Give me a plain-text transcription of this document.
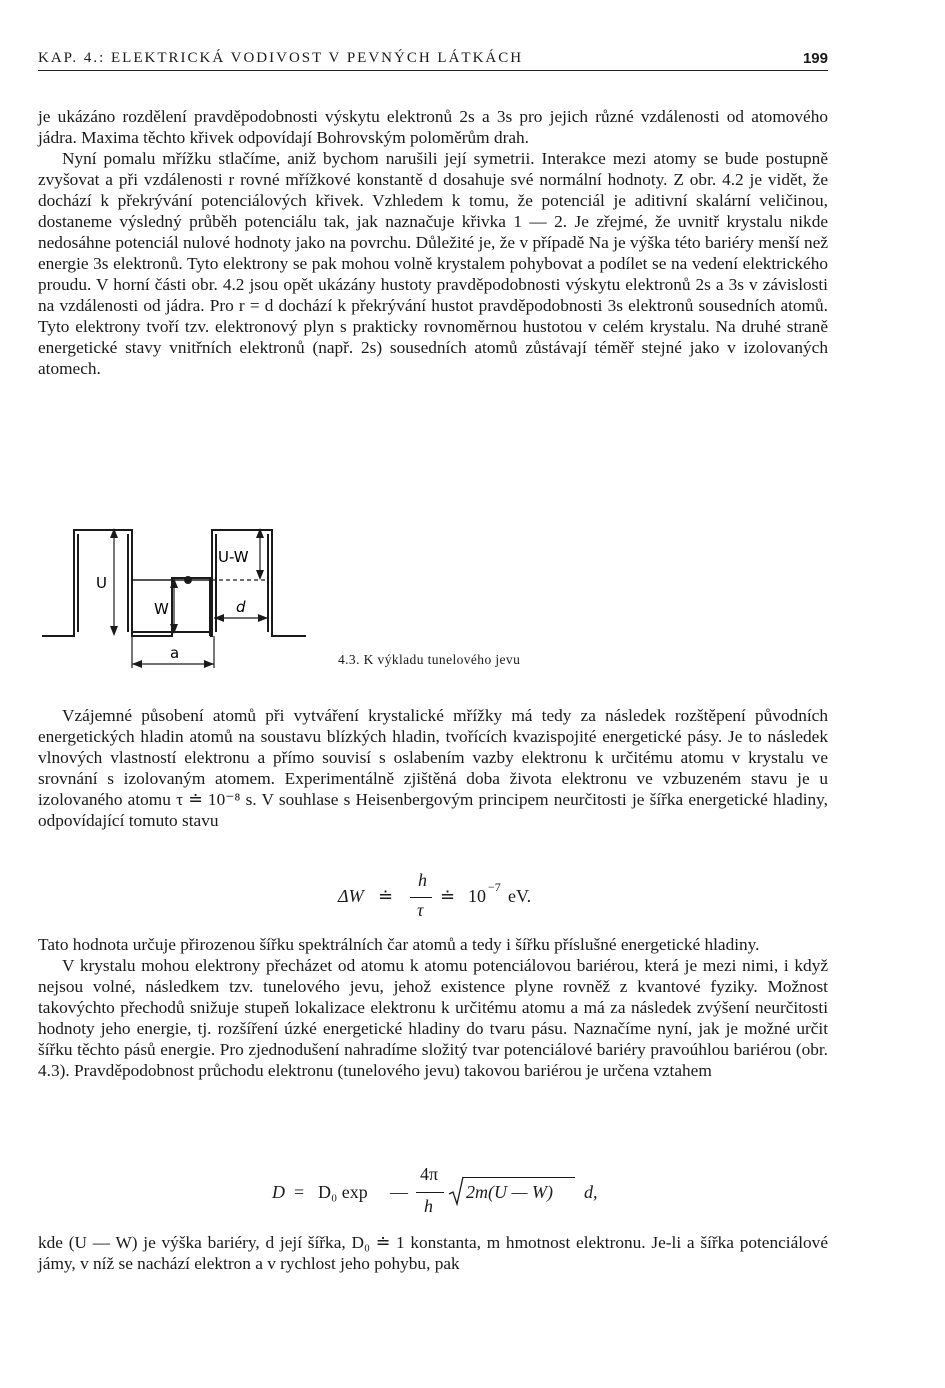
KAP. 4.: ELEKTRICKÁ VODIVOST V PEVNÝCH LÁTKÁCH	199

je ukázáno rozdělení pravděpodobnosti výskytu elektronů 2s a 3s pro jejich různé vzdálenosti od atomového jádra. Maxima těchto křivek odpovídají Bohrovským poloměrům drah.

Nyní pomalu mřížku stlačíme, aniž bychom narušili její symetrii. Interakce mezi atomy se bude postupně zvyšovat a při vzdálenosti r rovné mřížkové konstantě d dosahuje své normální hodnoty. Z obr. 4.2 je vidět, že dochází k překrývání potenciálových křivek. Vzhledem k tomu, že potenciál je aditivní skalární veličinou, dostaneme výsledný průběh potenciálu tak, jak naznačuje křivka 1 — 2. Je zřejmé, že uvnitř krystalu nikde nedosáhne potenciál nulové hodnoty jako na povrchu. Důležité je, že v případě Na je výška této bariéry menší než energie 3s elektronů. Tyto elektrony se pak mohou volně krystalem pohybovat a podílet se na vedení elektrického proudu. V horní části obr. 4.2 jsou opět ukázány hustoty pravděpodobnosti výskytu elektronů 2s a 3s v závislosti na vzdálenosti od jádra. Pro r = d dochází k překrývání hustot pravděpodobnosti 3s elektronů sousedních atomů. Tyto elektrony tvoří tzv. elektronový plyn s prakticky rovnoměrnou hustotou v celém krystalu. Na druhé straně energetické stavy vnitřních elektronů (např. 2s) sousedních atomů zůstávají téměř stejné jako v izolovaných atomech.

U
W
U-W
d
a	4.3. K výkladu tunelového jevu

Vzájemné působení atomů při vytváření krystalické mřížky má tedy za následek rozštěpení původních energetických hladin atomů na soustavu blízkých hladin, tvořících kvazispojité energetické pásy. Je to následek vlnových vlastností elektronu a přímo souvisí s oslabením vazby elektronu k určitému atomu v krystalu ve srovnání s izolovaným atomem. Experimentálně zjištěná doba života elektronu ve vzbuzeném stavu je u izolovaného atomu τ ≐ 10⁻⁸ s. V souhlase s Heisenbergovým principem neurčitosti je šířka energetické hladiny, odpovídající tomuto stavu

ΔW ≐
h
τ
≐ 10 −7 eV.

Tato hodnota určuje přirozenou šířku spektrálních čar atomů a tedy i šířku příslušné energetické hladiny.

V krystalu mohou elektrony přecházet od atomu k atomu potenciálovou bariérou, která je mezi nimi, i když nejsou volné, následkem tzv. tunelového jevu, jehož existence plyne rovněž z kvantové fyziky. Možnost takovýchto přechodů snižuje stupeň lokalizace elektronu k určitému atomu a má za následek zvýšení neurčitosti hodnoty jeho energie, tj. rozšíření úzké energetické hladiny do tvaru pásu. Naznačíme nyní, jak je možné určit šířku těchto pásů energie. Pro zjednodušení nahradíme složitý tvar potenciálové bariéry pravoúhlou bariérou (obr. 4.3). Pravděpodobnost průchodu elektronu (tunelového jevu) takovou bariérou je určena vztahem

D = D₀ exp —
4π
h
2m(U — W) d,

kde (U — W) je výška bariéry, d její šířka, D₀ ≐ 1 konstanta, m hmotnost elektronu. Je-li a šířka potenciálové jámy, v níž se nachází elektron a v rychlost jeho pohybu, pak
